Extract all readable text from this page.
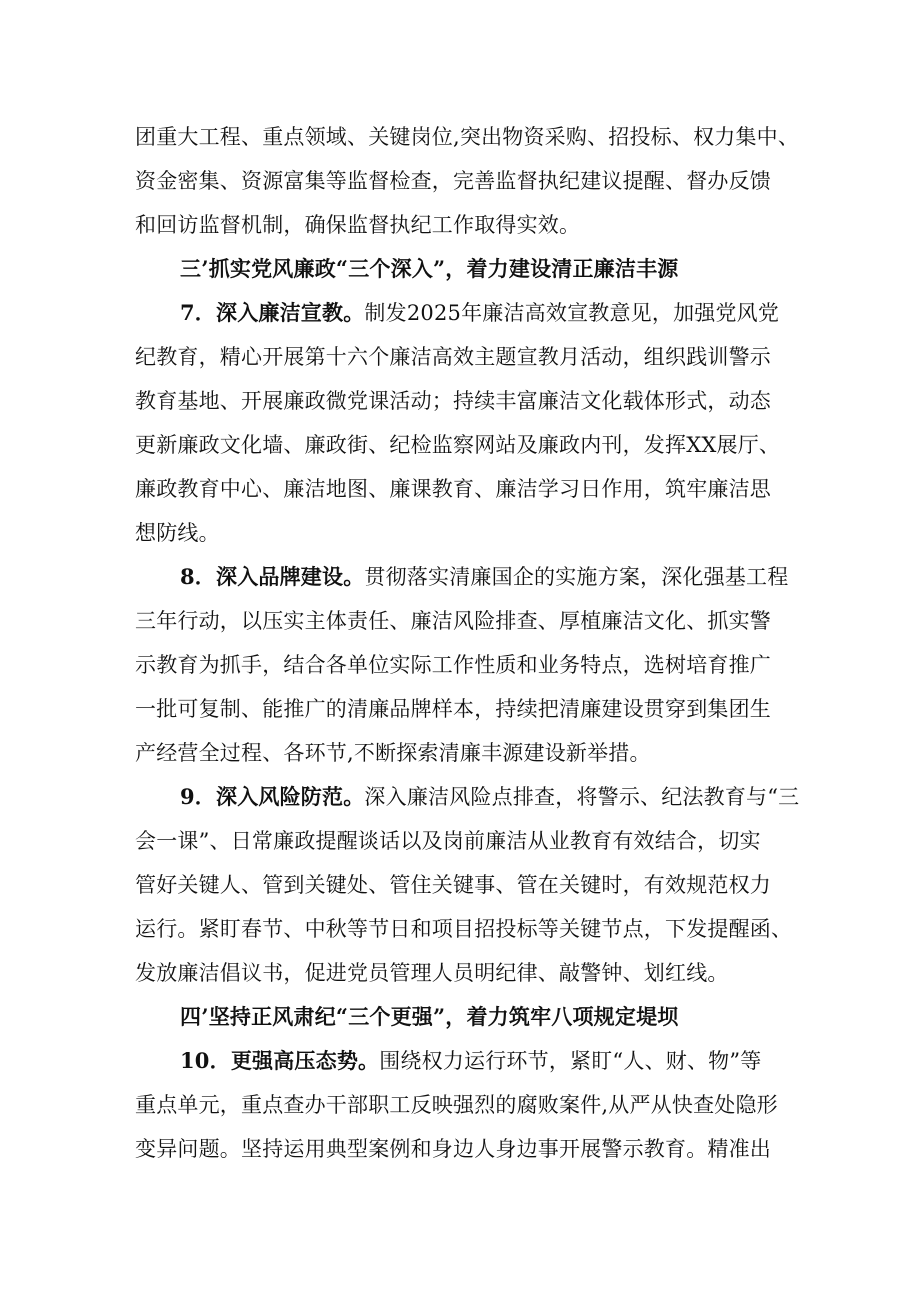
团重大工程、重点领域、关键岗位,突出物资采购、招投标、权力集中、
资金密集、资源富集等监督检查，完善监督执纪建议提醒、督办反馈
和回访监督机制，确保监督执纪工作取得实效。
三’抓实党风廉政“三个深入”，着力建设清正廉洁丰源
7．深入廉洁宣教。制发2025年廉洁高效宣教意见，加强党风党
纪教育，精心开展第十六个廉洁高效主题宣教月活动，组织践训警示
教育基地、开展廉政微党课活动；持续丰富廉洁文化载体形式，动态
更新廉政文化墙、廉政街、纪检监察网站及廉政内刊，发挥XX展厅、
廉政教育中心、廉洁地图、廉课教育、廉洁学习日作用，筑牢廉洁思
想防线。
8．深入品牌建设。贯彻落实清廉国企的实施方案，深化强基工程
三年行动，以压实主体责任、廉洁风险排查、厚植廉洁文化、抓实警
示教育为抓手，结合各单位实际工作性质和业务特点，选树培育推广
一批可复制、能推广的清廉品牌样本，持续把清廉建设贯穿到集团生
产经营全过程、各环节,不断探索清廉丰源建设新举措。
9．深入风险防范。深入廉洁风险点排查，将警示、纪法教育与“三
会一课”、日常廉政提醒谈话以及岗前廉洁从业教育有效结合，切实
管好关键人、管到关键处、管住关键事、管在关键时，有效规范权力
运行。紧盯春节、中秋等节日和项目招投标等关键节点，下发提醒函、
发放廉洁倡议书，促进党员管理人员明纪律、敲警钟、划红线。
四’坚持正风肃纪“三个更强”，着力筑牢八项规定堤坝
10．更强高压态势。围绕权力运行环节，紧盯“人、财、物”等
重点单元，重点查办干部职工反映强烈的腐败案件,从严从快查处隐形
变异问题。坚持运用典型案例和身边人身边事开展警示教育。精准出
